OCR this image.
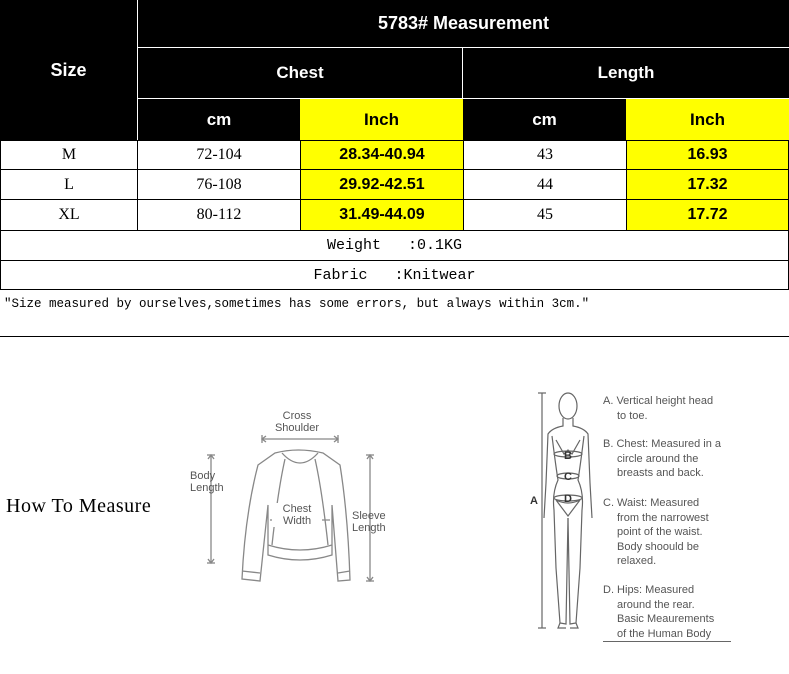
Size
5783# Measurement
Chest	Length
cm	Inch	cm	Inch
M	72-104	28.34-40.94	43	16.93
L	76-108	29.92-42.51	44	17.32
XL	80-112	31.49-44.09	45	17.72
Weight   :0.1KG
Fabric   :Knitwear
"Size measured by ourselves,sometimes has some errors, but always within 3cm."
How To Measure
Cross
Shoulder
Body
Length
Chest
Width	Sleeve
Length
A
B
C
D
A. Vertical height head
to toe.
B. Chest: Measured in a
circle around the
breasts and back.
C. Waist: Measured
from the narrowest
point of the waist.
Body shoould be
relaxed.
D. Hips: Measured
around the rear.
Basic Meaurements
of the Human Body
